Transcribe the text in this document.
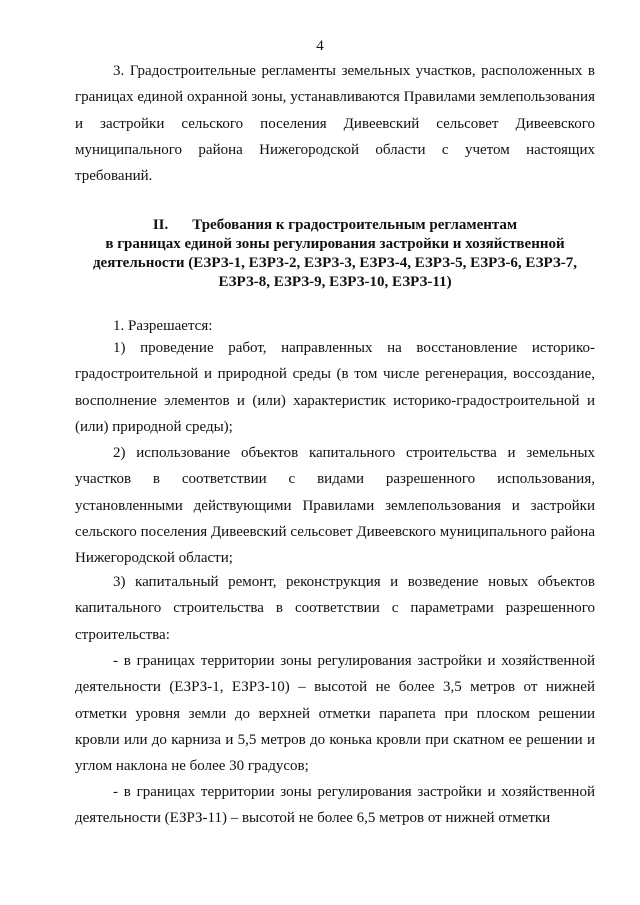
4

3. Градостроительные регламенты земельных участков, расположенных в границах единой охранной зоны, устанавливаются Правилами землепользования и застройки сельского поселения Дивеевский сельсовет Дивеевского муниципального района Нижегородской области с учетом настоящих требований.

II. Требования к градостроительным регламентам
в границах единой зоны регулирования застройки и хозяйственной
деятельности (ЕЗРЗ-1, ЕЗРЗ-2, ЕЗРЗ-3, ЕЗРЗ-4, ЕЗРЗ-5, ЕЗРЗ-6, ЕЗРЗ-7,
ЕЗРЗ-8, ЕЗРЗ-9, ЕЗРЗ-10, ЕЗРЗ-11)

1. Разрешается:

1) проведение работ, направленных на восстановление историко-градостроительной и природной среды (в том числе регенерация, воссоздание, восполнение элементов и (или) характеристик историко-градостроительной и (или) природной среды);

2) использование объектов капитального строительства и земельных участков в соответствии с видами разрешенного использования, установленными действующими Правилами землепользования и застройки сельского поселения Дивеевский сельсовет Дивеевского муниципального района Нижегородской области;

3) капитальный ремонт, реконструкция и возведение новых объектов капитального строительства в соответствии с параметрами разрешенного строительства:

- в границах территории зоны регулирования застройки и хозяйственной деятельности (ЕЗРЗ-1, ЕЗРЗ-10) – высотой не более 3,5 метров от нижней отметки уровня земли до верхней отметки парапета при плоском решении кровли или до карниза и 5,5 метров до конька кровли при скатном ее решении и углом наклона не более 30 градусов;

- в границах территории зоны регулирования застройки и хозяйственной деятельности (ЕЗРЗ-11) – высотой не более 6,5 метров от нижней отметки
